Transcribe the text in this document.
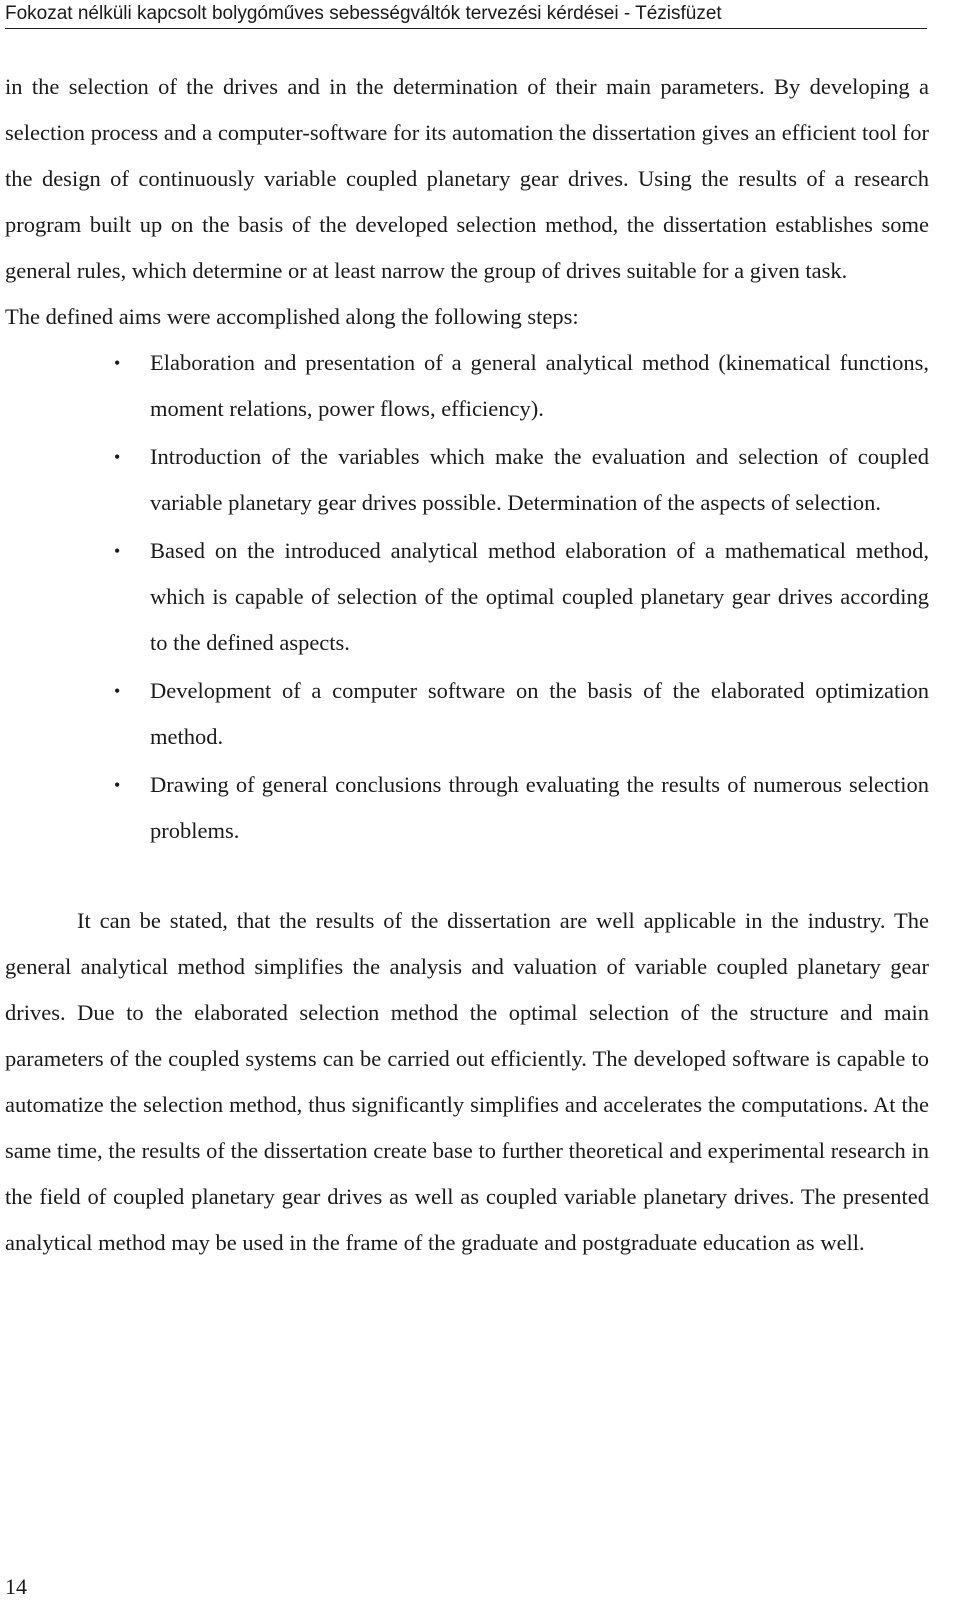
Fokozat nélküli kapcsolt bolygóműves sebességváltók tervezési kérdései - Tézisfüzet

in the selection of the drives and in the determination of their main parameters. By developing a selection process and a computer-software for its automation the dissertation gives an efficient tool for the design of continuously variable coupled planetary gear drives. Using the results of a research program built up on the basis of the developed selection method, the dissertation establishes some general rules, which determine or at least narrow the group of drives suitable for a given task.

The defined aims were accomplished along the following steps:

• Elaboration and presentation of a general analytical method (kinematical functions, moment relations, power flows, efficiency).
• Introduction of the variables which make the evaluation and selection of coupled variable planetary gear drives possible. Determination of the aspects of selection.
• Based on the introduced analytical method elaboration of a mathematical method, which is capable of selection of the optimal coupled planetary gear drives according to the defined aspects.
• Development of a computer software on the basis of the elaborated optimization method.
• Drawing of general conclusions through evaluating the results of numerous selection problems.

It can be stated, that the results of the dissertation are well applicable in the industry. The general analytical method simplifies the analysis and valuation of variable coupled planetary gear drives. Due to the elaborated selection method the optimal selection of the structure and main parameters of the coupled systems can be carried out efficiently. The developed software is capable to automatize the selection method, thus significantly simplifies and accelerates the computations. At the same time, the results of the dissertation create base to further theoretical and experimental research in the field of coupled planetary gear drives as well as coupled variable planetary drives. The presented analytical method may be used in the frame of the graduate and postgraduate education as well.

14
